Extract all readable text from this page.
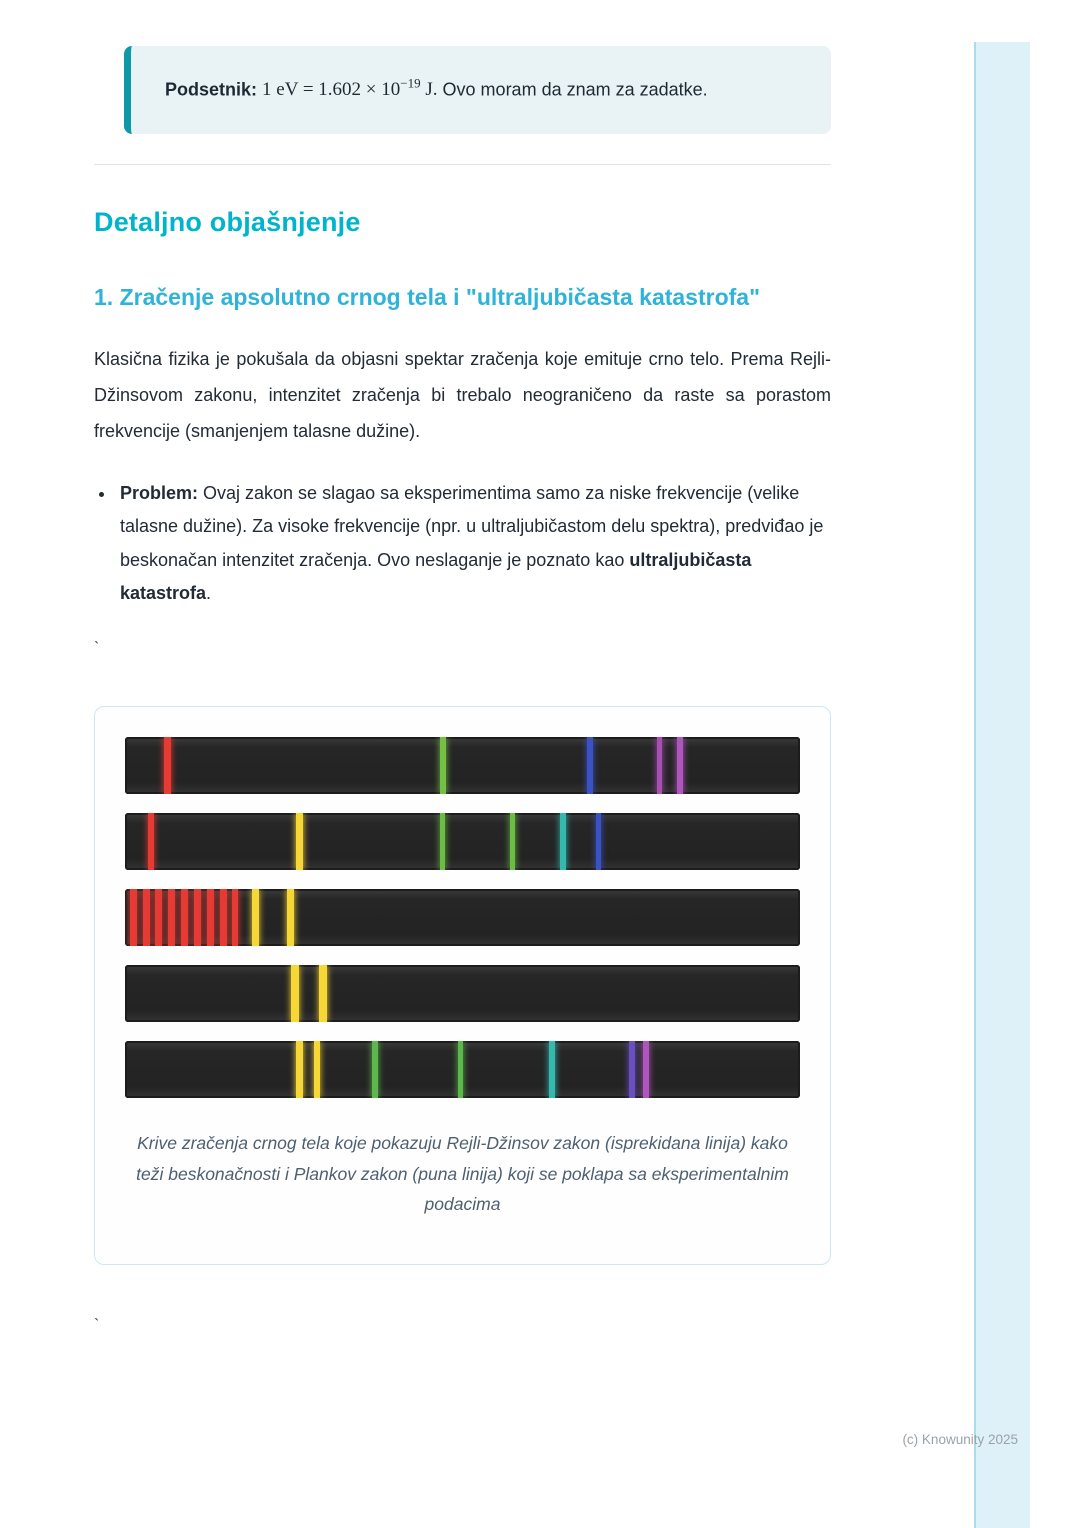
Podsetnik: 1 eV = $1.602 \times 10^{-19}$ J. Ovo moram da znam za zadatke.

Detaljno objašnjenje
1. Zračenje apsolutno crnog tela i "ultraljubičasta katastrofa"

Klasična fizika je pokušala da objasni spektar zračenja koje emituje crno telo. Prema Rejli-Džinsovom zakonu, intenzitet zračenja bi trebalo neograničeno da raste sa porastom frekvencije (smanjenjem talasne dužine).

• Problem: Ovaj zakon se slagao sa eksperimentima samo za niske frekvencije (velike talasne dužine). Za visoke frekvencije (npr. u ultraljubičastom delu spektra), predviđao je beskonačan intenzitet zračenja. Ovo neslaganje je poznato kao ultraljubičasta katastrofa.
`
Krive zračenja crnog tela koje pokazuju Rejli-Džinsov zakon (isprekidana linija) kako teži beskonačnosti i Plankov zakon (puna linija) koji se poklapa sa eksperimentalnim podacima
`
(c) Knowunity 2025
